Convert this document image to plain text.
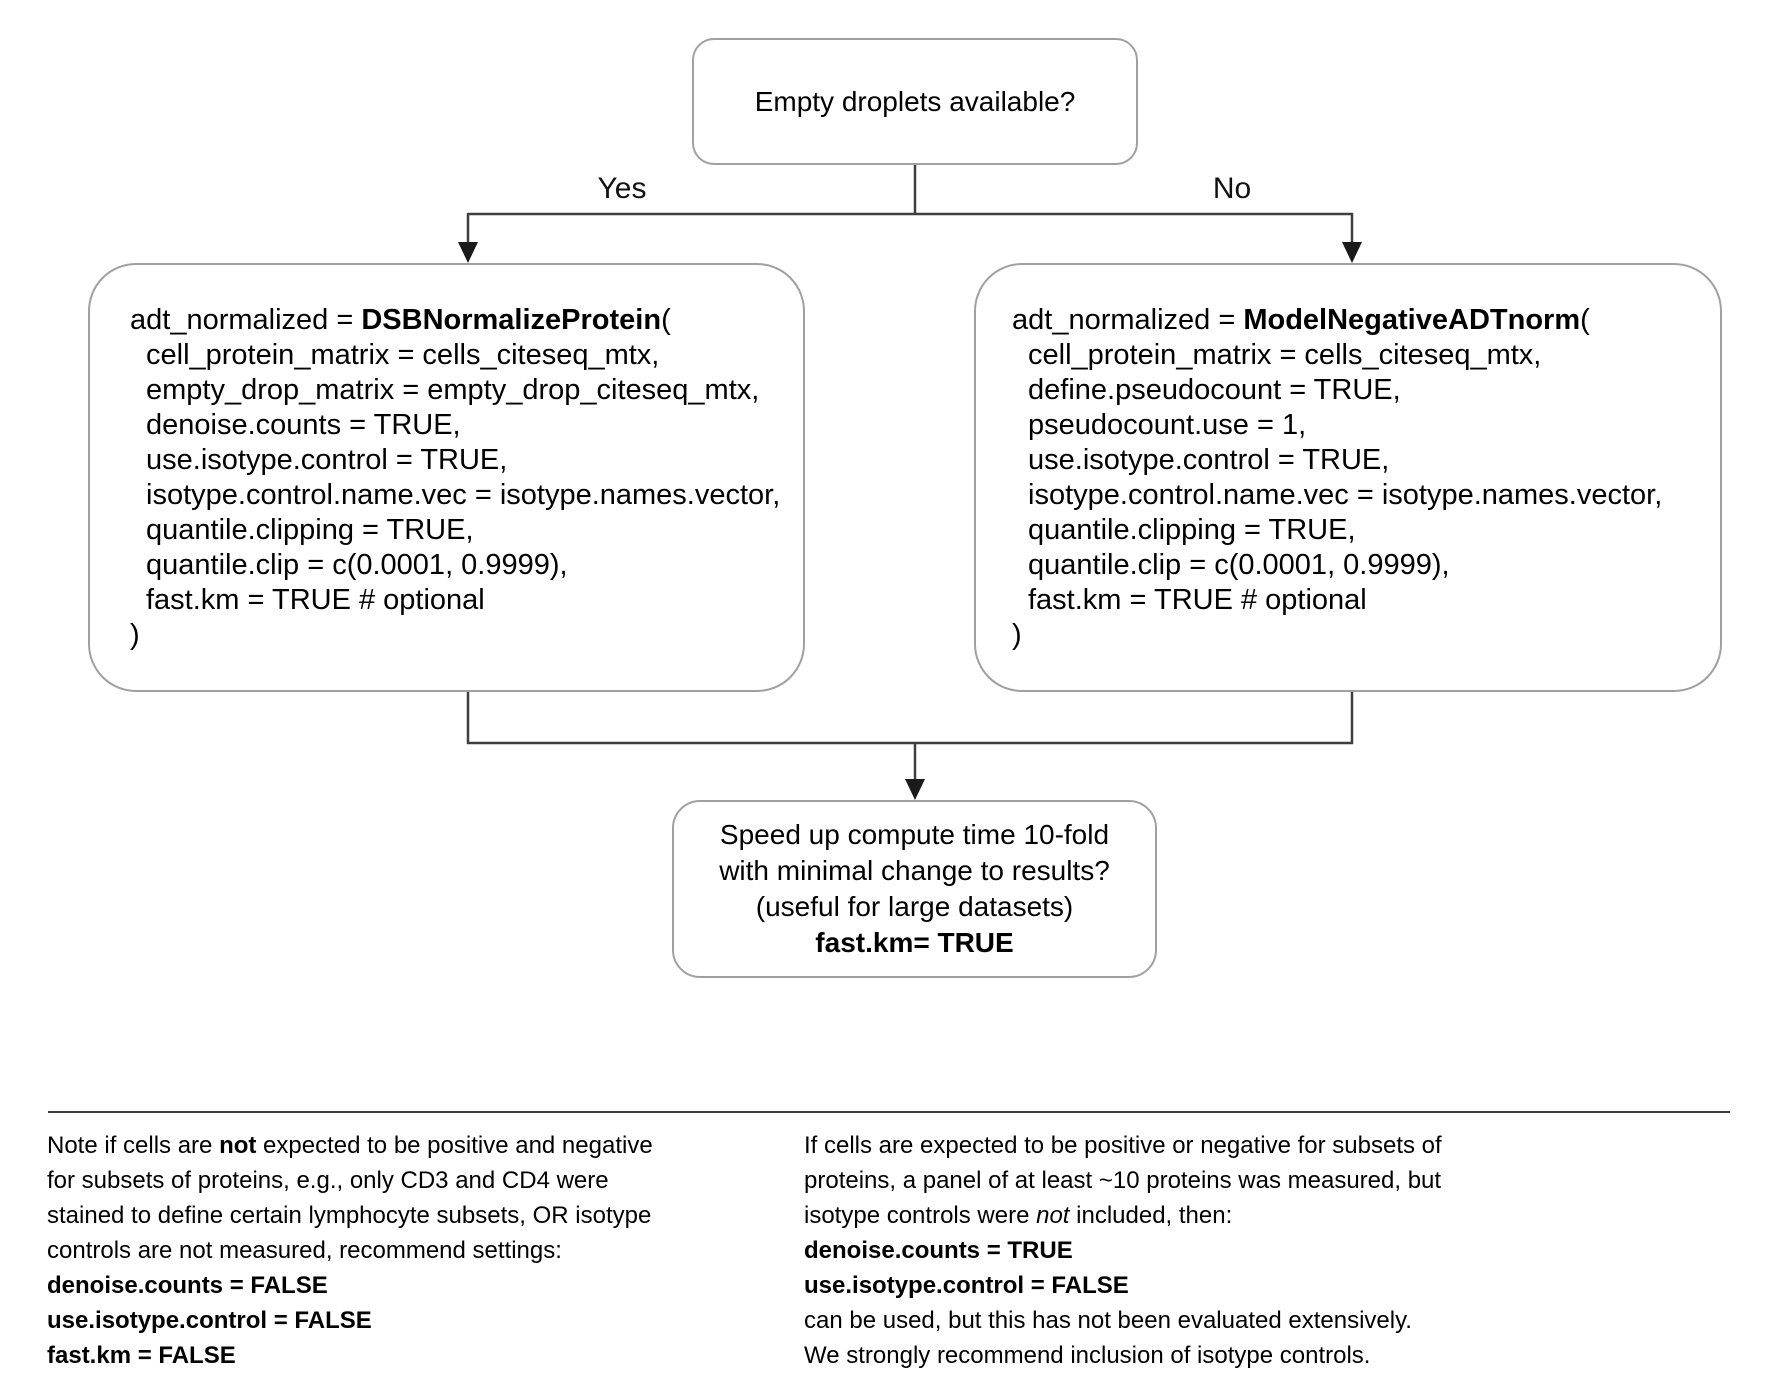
Empty droplets available?
Yes	No
adt_normalized = DSBNormalizeProtein(
cell_protein_matrix = cells_citeseq_mtx,
empty_drop_matrix = empty_drop_citeseq_mtx,
denoise.counts = TRUE,
use.isotype.control = TRUE,
isotype.control.name.vec = isotype.names.vector,
quantile.clipping = TRUE,
quantile.clip = c(0.0001, 0.9999),
fast.km = TRUE # optional
)
adt_normalized = ModelNegativeADTnorm(
cell_protein_matrix = cells_citeseq_mtx,
define.pseudocount = TRUE,
pseudocount.use = 1,
use.isotype.control = TRUE,
isotype.control.name.vec = isotype.names.vector,
quantile.clipping = TRUE,
quantile.clip = c(0.0001, 0.9999),
fast.km = TRUE # optional
)
Speed up compute time 10-fold
with minimal change to results?
(useful for large datasets)
fast.km= TRUE
Note if cells are not expected to be positive and negative
for subsets of proteins, e.g., only CD3 and CD4 were
stained to define certain lymphocyte subsets, OR isotype
controls are not measured, recommend settings:
denoise.counts = FALSE
use.isotype.control = FALSE
fast.km = FALSE
If cells are expected to be positive or negative for subsets of
proteins, a panel of at least ~10 proteins was measured, but
isotype controls were not included, then:
denoise.counts = TRUE
use.isotype.control = FALSE
can be used, but this has not been evaluated extensively.
We strongly recommend inclusion of isotype controls.
